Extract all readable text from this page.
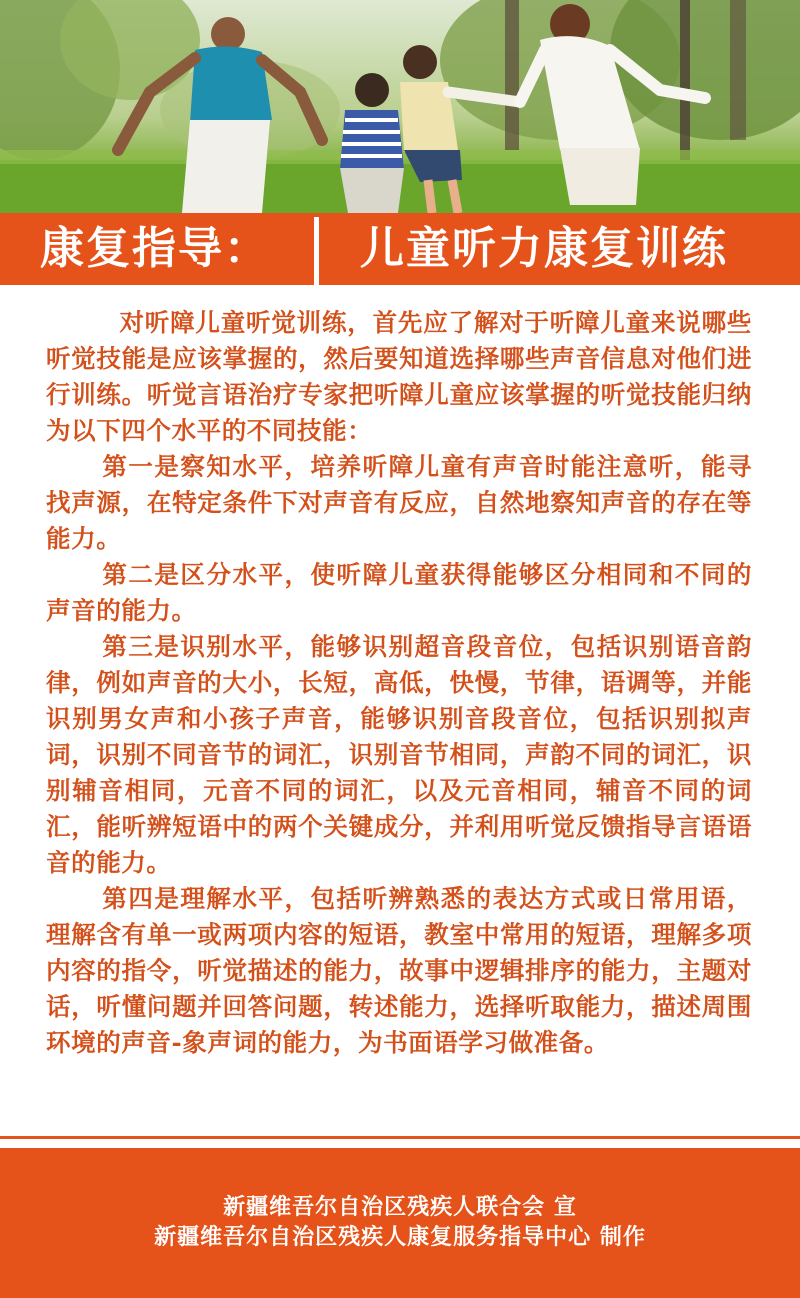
康复指导： 儿童听力康复训练

对听障儿童听觉训练，首先应了解对于听障儿童来说哪些听觉技能是应该掌握的，然后要知道选择哪些声音信息对他们进行训练。听觉言语治疗专家把听障儿童应该掌握的听觉技能归纳为以下四个水平的不同技能：

第一是察知水平，培养听障儿童有声音时能注意听，能寻找声源，在特定条件下对声音有反应，自然地察知声音的存在等能力。

第二是区分水平，使听障儿童获得能够区分相同和不同的声音的能力。

第三是识别水平，能够识别超音段音位，包括识别语音韵律，例如声音的大小，长短，高低，快慢，节律，语调等，并能识别男女声和小孩子声音，能够识别音段音位，包括识别拟声词，识别不同音节的词汇，识别音节相同，声韵不同的词汇，识别辅音相同，元音不同的词汇，以及元音相同，辅音不同的词汇，能听辨短语中的两个关键成分，并利用听觉反馈指导言语语音的能力。

第四是理解水平，包括听辨熟悉的表达方式或日常用语，理解含有单一或两项内容的短语，教室中常用的短语，理解多项内容的指令，听觉描述的能力，故事中逻辑排序的能力，主题对话，听懂问题并回答问题，转述能力，选择听取能力，描述周围环境的声音-象声词的能力，为书面语学习做准备。

新疆维吾尔自治区残疾人联合会 宣
新疆维吾尔自治区残疾人康复服务指导中心 制作
